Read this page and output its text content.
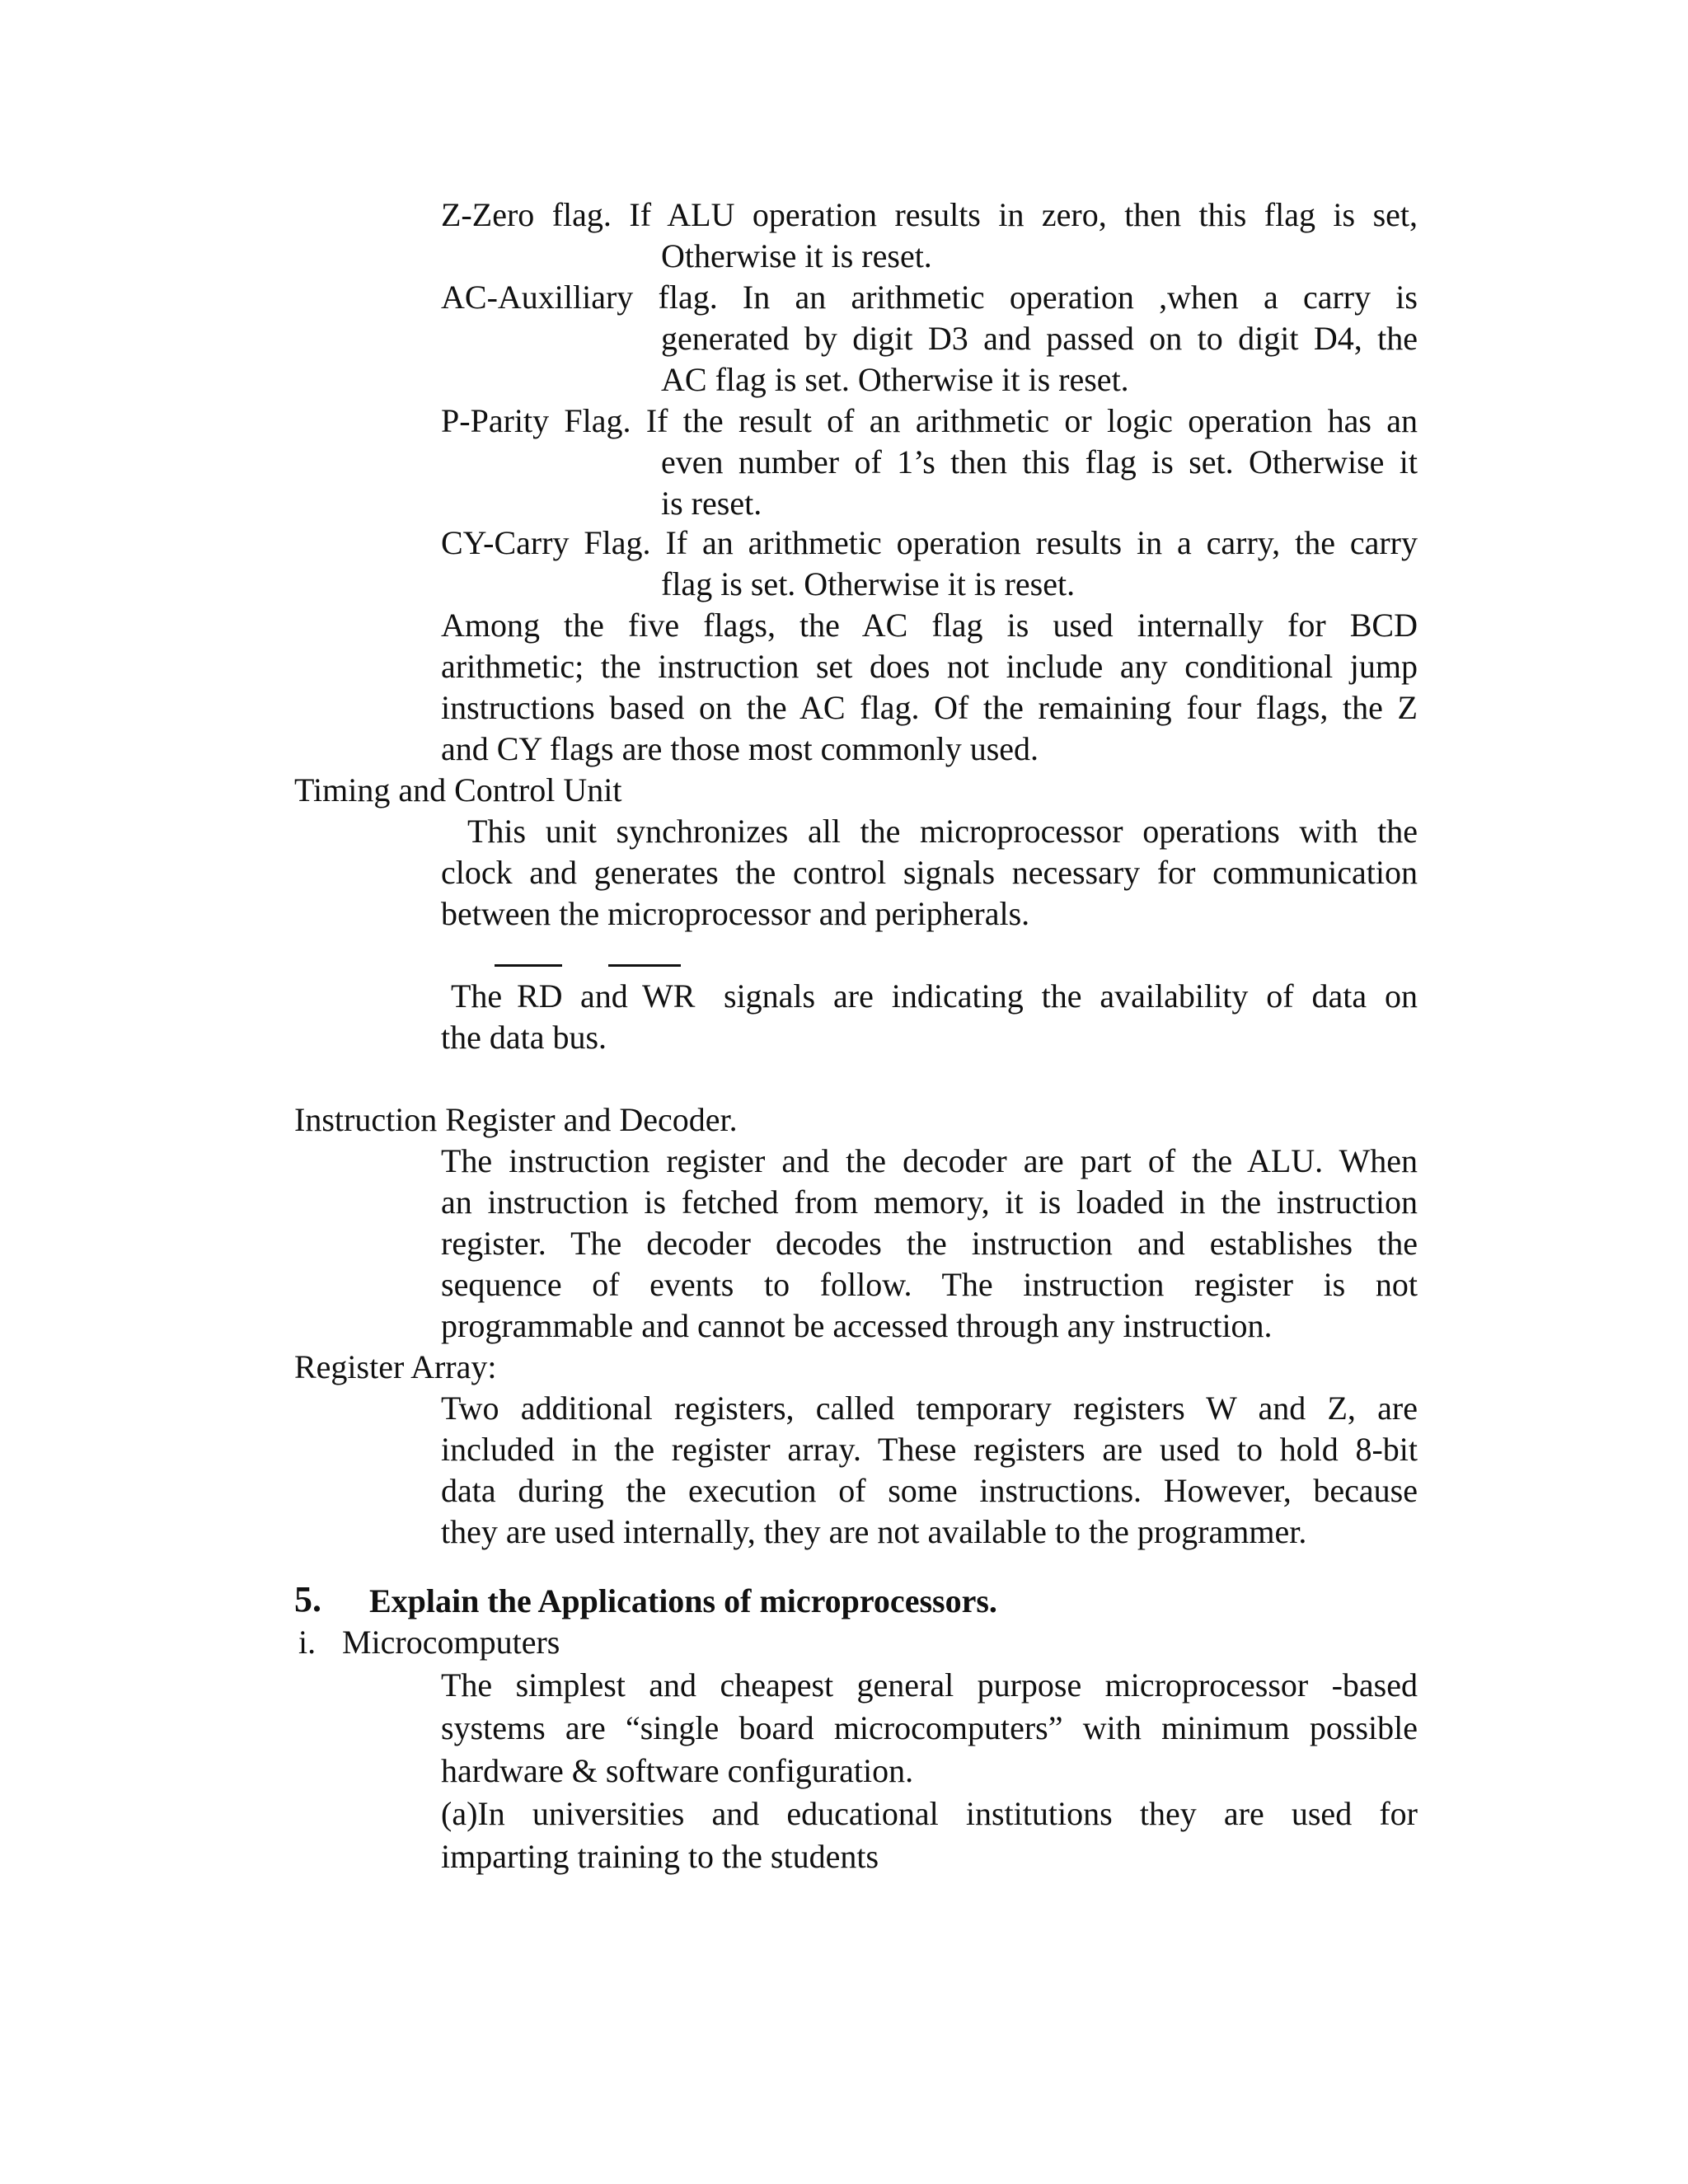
Z-Zero flag. If ALU operation results in zero, then this flag is set,
Otherwise it is reset.
AC-Auxilliary flag. In an arithmetic operation ,when a carry is
generated by digit D3 and passed on to digit D4, the
AC flag is set. Otherwise it is reset.
P-Parity Flag. If the result of an arithmetic or logic operation has an
even number of 1’s then this flag is set. Otherwise it
is reset.
CY-Carry Flag. If an arithmetic operation results in a carry, the carry
flag is set. Otherwise it is reset.
Among the five flags, the AC flag is used internally for BCD
arithmetic; the instruction set does not include any conditional jump
instructions based on the AC flag. Of the remaining four flags, the Z
and CY flags are those most commonly used.
Timing and Control Unit
This unit synchronizes all the microprocessor operations with the
clock and generates the control signals necessary for communication
between the microprocessor and peripherals.
The RD and WR signals are indicating the availability of data on
the data bus.
Instruction Register and Decoder.
The instruction register and the decoder are part of the ALU. When
an instruction is fetched from memory, it is loaded in the instruction
register. The decoder decodes the instruction and establishes the
sequence of events to follow. The instruction register is not
programmable and cannot be accessed through any instruction.
Register Array:
Two additional registers, called temporary registers W and Z, are
included in the register array. These registers are used to hold 8-bit
data during the execution of some instructions. However, because
they are used internally, they are not available to the programmer.
5. Explain the Applications of microprocessors.
i. Microcomputers
The simplest and cheapest general purpose microprocessor -based
systems are “single board microcomputers” with minimum possible
hardware & software configuration.
(a)In universities and educational institutions they are used for
imparting training to the students
